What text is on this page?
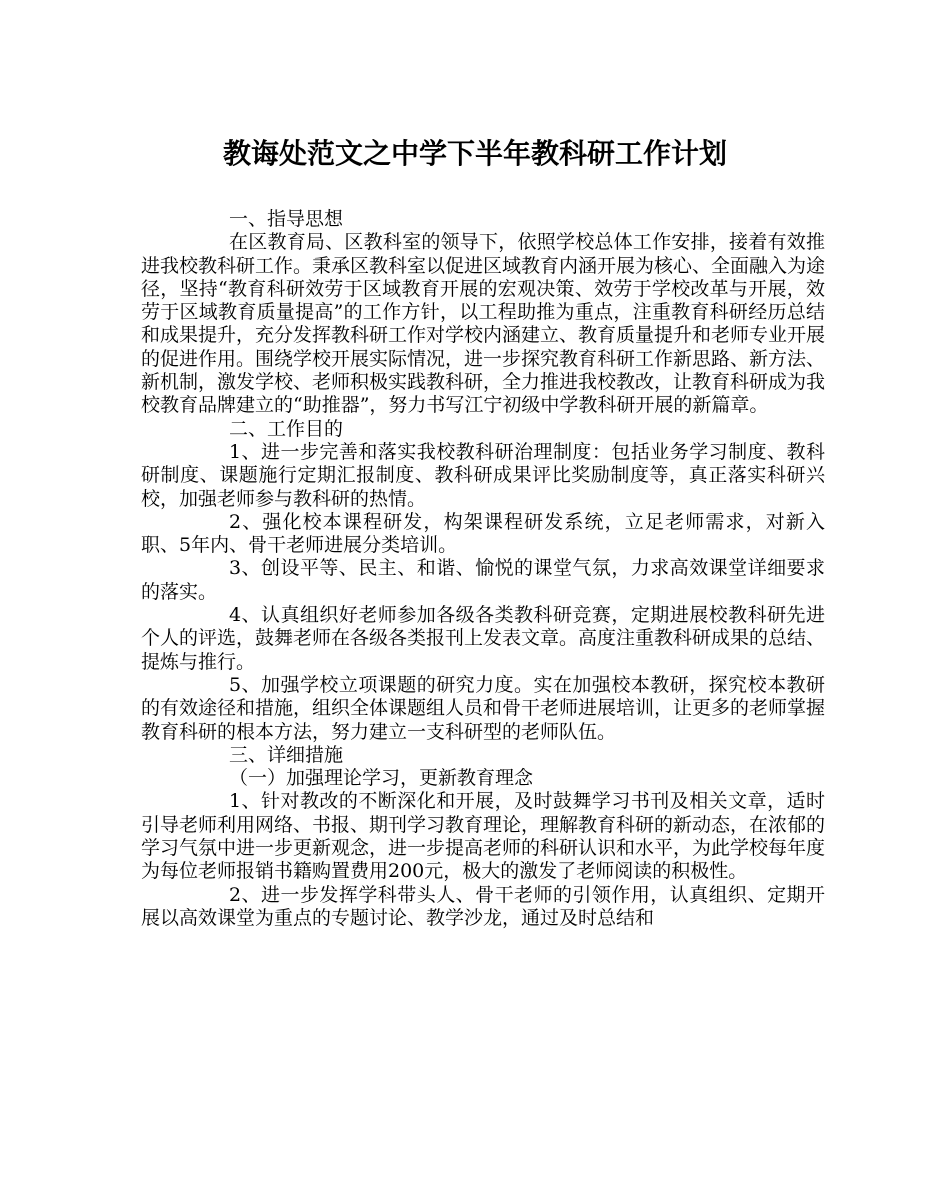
教诲处范文之中学下半年教科研工作计划

一、指导思想

在区教育局、区教科室的领导下，依照学校总体工作安排，接着有效推进我校教科研工作。秉承区教科室以促进区域教育内涵开展为核心、全面融入为途径，坚持“教育科研效劳于区域教育开展的宏观决策、效劳于学校改革与开展，效劳于区域教育质量提高”的工作方针，以工程助推为重点，注重教育科研经历总结和成果提升，充分发挥教科研工作对学校内涵建立、教育质量提升和老师专业开展的促进作用。围绕学校开展实际情况，进一步探究教育科研工作新思路、新方法、新机制，激发学校、老师积极实践教科研，全力推进我校教改，让教育科研成为我校教育品牌建立的“助推器”，努力书写江宁初级中学教科研开展的新篇章。

二、工作目的

1、进一步完善和落实我校教科研治理制度：包括业务学习制度、教科研制度、课题施行定期汇报制度、教科研成果评比奖励制度等，真正落实科研兴校，加强老师参与教科研的热情。

2、强化校本课程研发，构架课程研发系统，立足老师需求，对新入职、5年内、骨干老师进展分类培训。

3、创设平等、民主、和谐、愉悦的课堂气氛，力求高效课堂详细要求的落实。

4、认真组织好老师参加各级各类教科研竞赛，定期进展校教科研先进个人的评选，鼓舞老师在各级各类报刊上发表文章。高度注重教科研成果的总结、提炼与推行。

5、加强学校立项课题的研究力度。实在加强校本教研，探究校本教研的有效途径和措施，组织全体课题组人员和骨干老师进展培训，让更多的老师掌握教育科研的根本方法，努力建立一支科研型的老师队伍。

三、详细措施

（一）加强理论学习，更新教育理念

1、针对教改的不断深化和开展，及时鼓舞学习书刊及相关文章，适时引导老师利用网络、书报、期刊学习教育理论，理解教育科研的新动态，在浓郁的学习气氛中进一步更新观念，进一步提高老师的科研认识和水平，为此学校每年度为每位老师报销书籍购置费用200元，极大的激发了老师阅读的积极性。

2、进一步发挥学科带头人、骨干老师的引领作用，认真组织、定期开展以高效课堂为重点的专题讨论、教学沙龙，通过及时总结和
